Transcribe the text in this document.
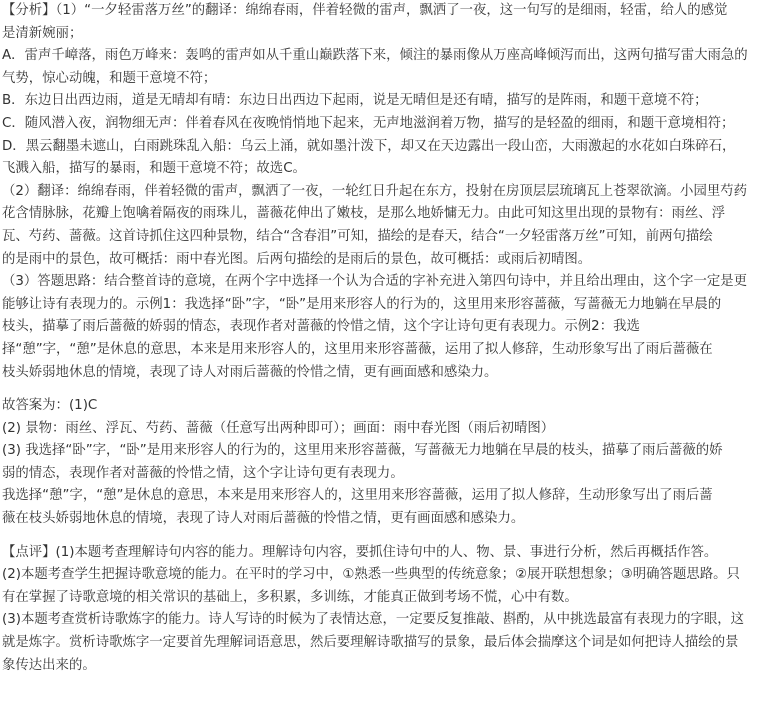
【分析】（1）“一夕轻雷落万丝”的翻译：绵绵春雨，伴着轻微的雷声，飘洒了一夜，这一句写的是细雨，轻雷，给人的感觉
是清新婉丽；
A．雷声千嶂落，雨色万峰来：轰鸣的雷声如从千重山巅跌落下来，倾注的暴雨像从万座高峰倾泻而出，这两句描写雷大雨急的
气势，惊心动魄，和题干意境不符；
B．东边日出西边雨，道是无晴却有晴：东边日出西边下起雨，说是无晴但是还有晴，描写的是阵雨，和题干意境不符；
C．随风潜入夜，润物细无声：伴着春风在夜晚悄悄地下起来，无声地滋润着万物，描写的是轻盈的细雨，和题干意境相符；
D．黑云翻墨未遮山，白雨跳珠乱入船：乌云上涌，就如墨汁泼下，却又在天边露出一段山峦，大雨激起的水花如白珠碎石，
飞溅入船，描写的暴雨，和题干意境不符；故选C。
（2）翻译：绵绵春雨，伴着轻微的雷声，飘洒了一夜，一轮红日升起在东方，投射在房顶层层琉璃瓦上苍翠欲滴。小园里芍药
花含情脉脉，花瓣上饱噙着隔夜的雨珠儿，蔷薇花伸出了嫩枝，是那么地娇慵无力。由此可知这里出现的景物有：雨丝、浮
瓦、芍药、蔷薇。这首诗抓住这四种景物，结合“含春泪”可知，描绘的是春天，结合“一夕轻雷落万丝”可知，前两句描绘
的是雨中的景色，故可概括：雨中春光图。后两句描绘的是雨后的景色，故可概括：或雨后初晴图。
（3）答题思路：结合整首诗的意境，在两个字中选择一个认为合适的字补充进入第四句诗中，并且给出理由，这个字一定是更
能够让诗有表现力的。示例1：我选择“卧”字，“卧”是用来形容人的行为的，这里用来形容蔷薇，写蔷薇无力地躺在早晨的
枝头，描摹了雨后蔷薇的娇弱的情态，表现作者对蔷薇的怜惜之情，这个字让诗句更有表现力。示例2：我选
择“憩”字，“憩”是休息的意思，本来是用来形容人的，这里用来形容蔷薇，运用了拟人修辞，生动形象写出了雨后蔷薇在
枝头娇弱地休息的情境，表现了诗人对雨后蔷薇的怜惜之情，更有画面感和感染力。
故答案为：(1)C
(2) 景物：雨丝、浮瓦、芍药、蔷薇（任意写出两种即可）；画面：雨中春光图（雨后初晴图）
(3) 我选择“卧”字，“卧”是用来形容人的行为的，这里用来形容蔷薇，写蔷薇无力地躺在早晨的枝头，描摹了雨后蔷薇的娇
弱的情态，表现作者对蔷薇的怜惜之情，这个字让诗句更有表现力。
我选择“憩”字，“憩”是休息的意思，本来是用来形容人的，这里用来形容蔷薇，运用了拟人修辞，生动形象写出了雨后蔷
薇在枝头娇弱地休息的情境，表现了诗人对雨后蔷薇的怜惜之情，更有画面感和感染力。
【点评】(1)本题考查理解诗句内容的能力。理解诗句内容，要抓住诗句中的人、物、景、事进行分析，然后再概括作答。
(2)本题考查学生把握诗歌意境的能力。在平时的学习中，①熟悉一些典型的传统意象；②展开联想想象；③明确答题思路。只
有在掌握了诗歌意境的相关常识的基础上，多积累，多训练，才能真正做到考场不慌，心中有数。
(3)本题考查赏析诗歌炼字的能力。诗人写诗的时候为了表情达意，一定要反复推敲、斟酌，从中挑选最富有表现力的字眼，这
就是炼字。赏析诗歌炼字一定要首先理解词语意思，然后要理解诗歌描写的景象，最后体会揣摩这个词是如何把诗人描绘的景
象传达出来的。
